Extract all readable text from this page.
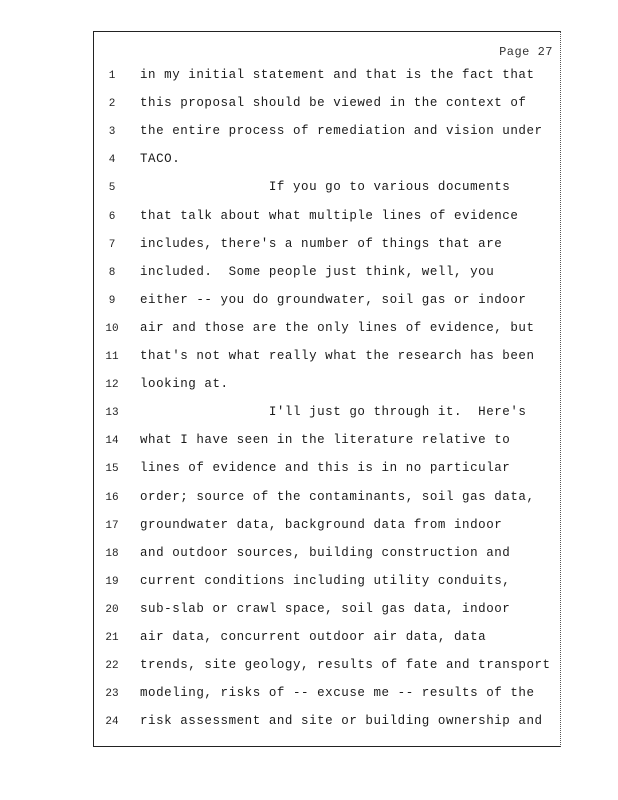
Page 27
1	in my initial statement and that is the fact that
2	this proposal should be viewed in the context of
3	the entire process of remediation and vision under
4	TACO.
5	If you go to various documents
6	that talk about what multiple lines of evidence
7	includes, there's a number of things that are
8	included.  Some people just think, well, you
9	either -- you do groundwater, soil gas or indoor
10 air and those are the only lines of evidence, but
11 that's not what really what the research has been
12 looking at.
13 I'll just go through it.  Here's
14 what I have seen in the literature relative to
15 lines of evidence and this is in no particular
16 order; source of the contaminants, soil gas data,
17 groundwater data, background data from indoor
18 and outdoor sources, building construction and
19 current conditions including utility conduits,
20 sub-slab or crawl space, soil gas data, indoor
21 air data, concurrent outdoor air data, data
22 trends, site geology, results of fate and transport
23 modeling, risks of -- excuse me -- results of the
24 risk assessment and site or building ownership and
